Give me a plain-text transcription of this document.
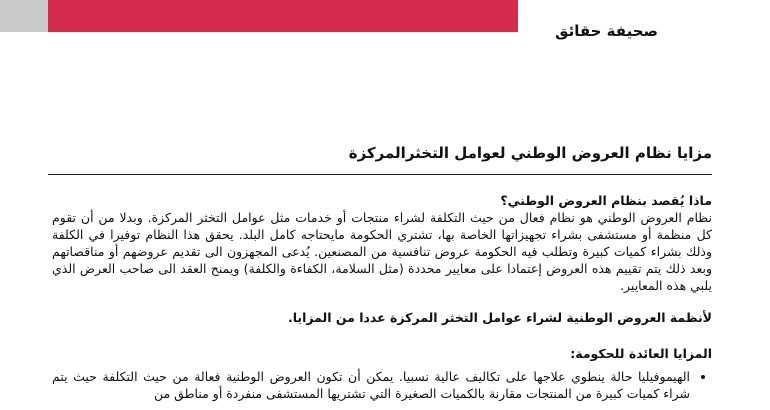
صحيفة حقائق
مزايا نظام العروض الوطني لعوامل التخثرالمركزة

ماذا يُقصد بنظام العروض الوطني؟

نظام العروض الوطني هو نظام فعال من حيث التكلفة لشراء منتجات أو خدمات مثل عوامل التخثر المركزة. وبدلا من أن تقوم كل منظمة أو مستشفى بشراء تجهيزاتها الخاصة بها، تشتري الحكومة مايحتاجه كامل البلد. يحقق هذا النظام توفيرا في الكلفة وذلك بشراء كميات كبيرة وتطلب فيه الحكومة عروض تنافسية من المصنعين. يُدعى المجهزون الى تقديم عروضهم أو مناقصاتهم وبعد ذلك يتم تقييم هذه العروض إعتمادا على معايير محددة (مثل السلامة، الكفاءة والكلفة) ويمنح العقد الى صاحب العرض الذي يلبي هذه المعايير.

لأنظمة العروض الوطنية لشراء عوامل التخثر المركزة عددا من المزايا.

المزايا العائدة للحكومة:

• الهيموفيليا حالة ينطوي علاجها على تكاليف عالية نسبيا. يمكن أن تكون العروض الوطنية فعالة من حيث التكلفة حيث يتم شراء كميات كبيرة من المنتجات مقارنة بالكميات الصغيرة التي تشتريها المستشفى منفردة أو مناطق من
